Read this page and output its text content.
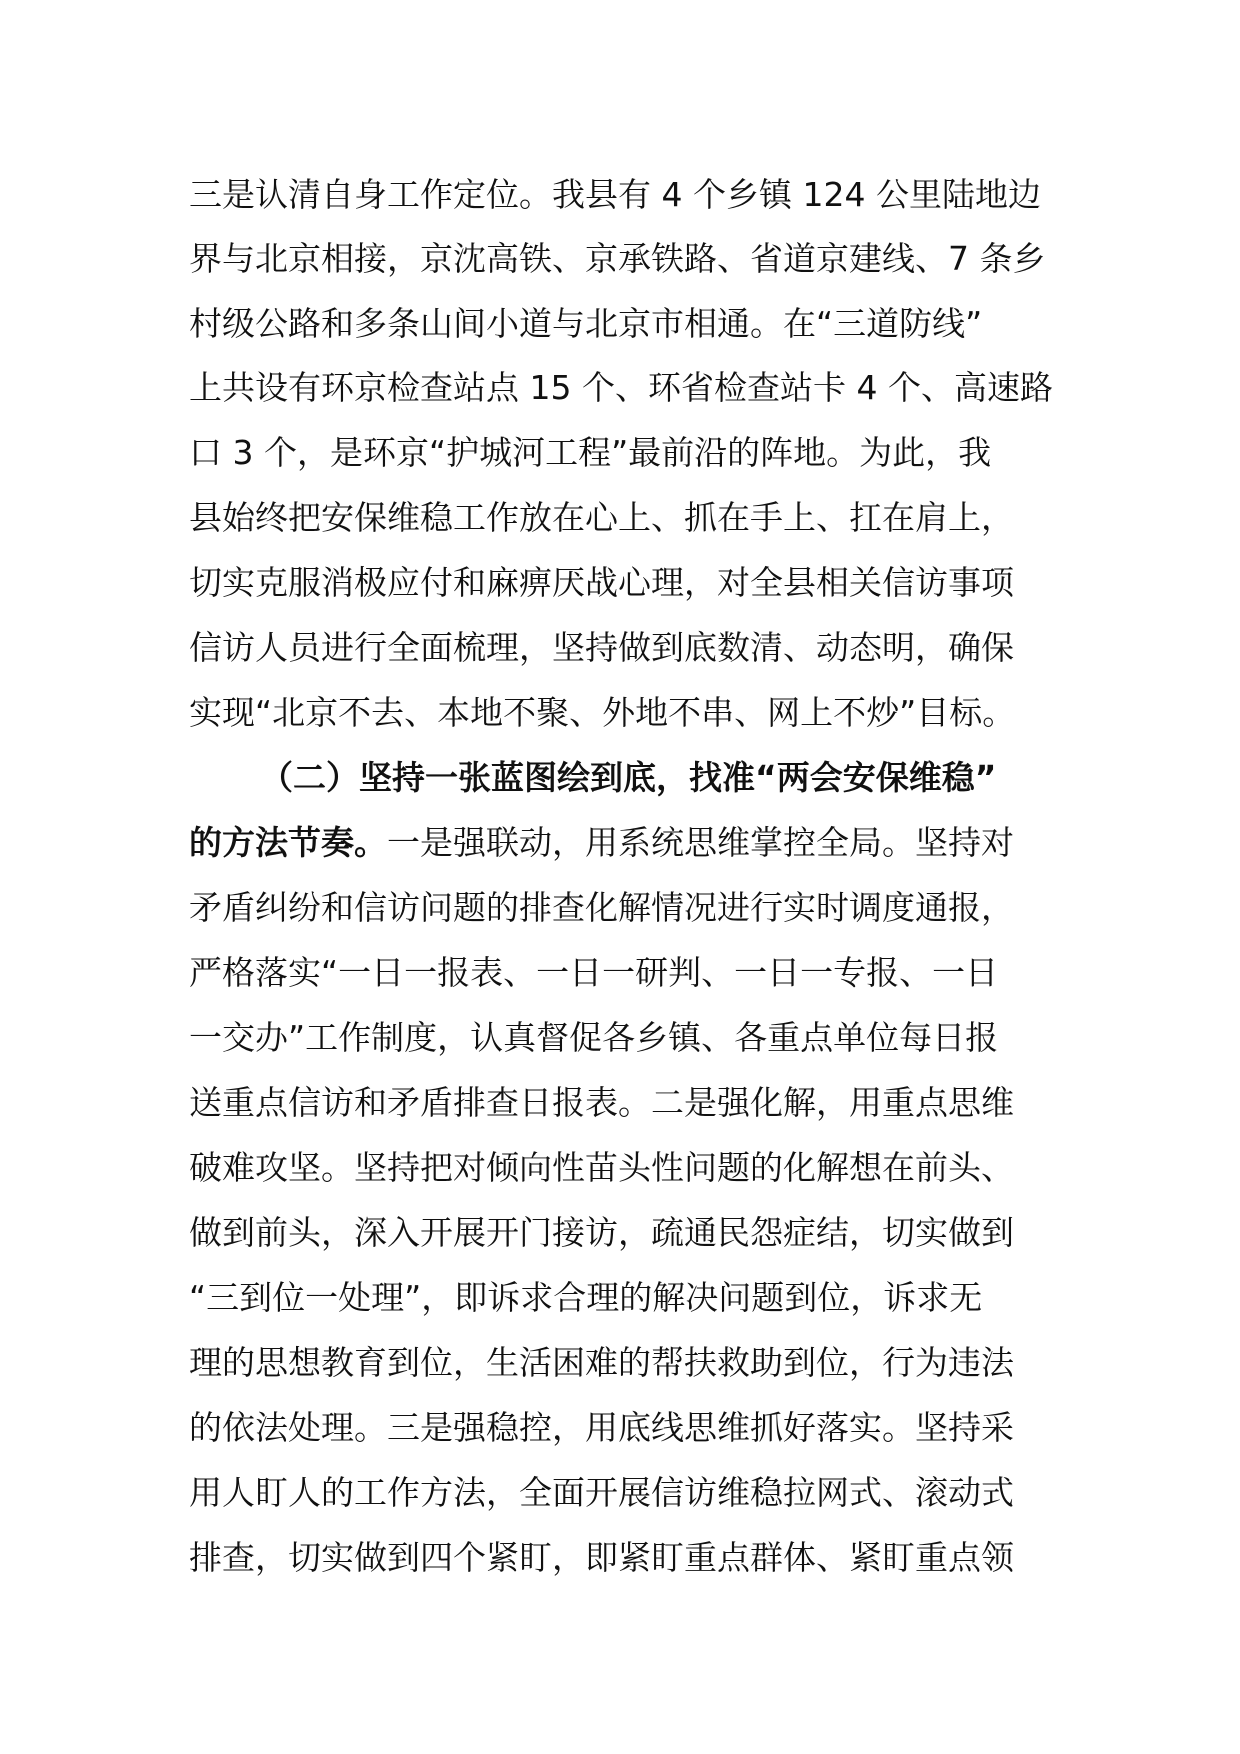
三是认清自身工作定位。我县有 4 个乡镇 124 公里陆地边
界与北京相接，京沈高铁、京承铁路、省道京建线、7 条乡
村级公路和多条山间小道与北京市相通。在“三道防线”
上共设有环京检查站点 15 个、环省检查站卡 4 个、高速路
口 3 个，是环京“护城河工程”最前沿的阵地。为此，我
县始终把安保维稳工作放在心上、抓在手上、扛在肩上，
切实克服消极应付和麻痹厌战心理，对全县相关信访事项
信访人员进行全面梳理，坚持做到底数清、动态明，确保
实现“北京不去、本地不聚、外地不串、网上不炒”目标。
（二）坚持一张蓝图绘到底，找准“两会安保维稳”
的方法节奏。一是强联动，用系统思维掌控全局。坚持对
矛盾纠纷和信访问题的排查化解情况进行实时调度通报，
严格落实“一日一报表、一日一研判、一日一专报、一日
一交办”工作制度，认真督促各乡镇、各重点单位每日报
送重点信访和矛盾排查日报表。二是强化解，用重点思维
破难攻坚。坚持把对倾向性苗头性问题的化解想在前头、
做到前头，深入开展开门接访，疏通民怨症结，切实做到
“三到位一处理”，即诉求合理的解决问题到位，诉求无
理的思想教育到位，生活困难的帮扶救助到位，行为违法
的依法处理。三是强稳控，用底线思维抓好落实。坚持采
用人盯人的工作方法，全面开展信访维稳拉网式、滚动式
排查，切实做到四个紧盯，即紧盯重点群体、紧盯重点领
